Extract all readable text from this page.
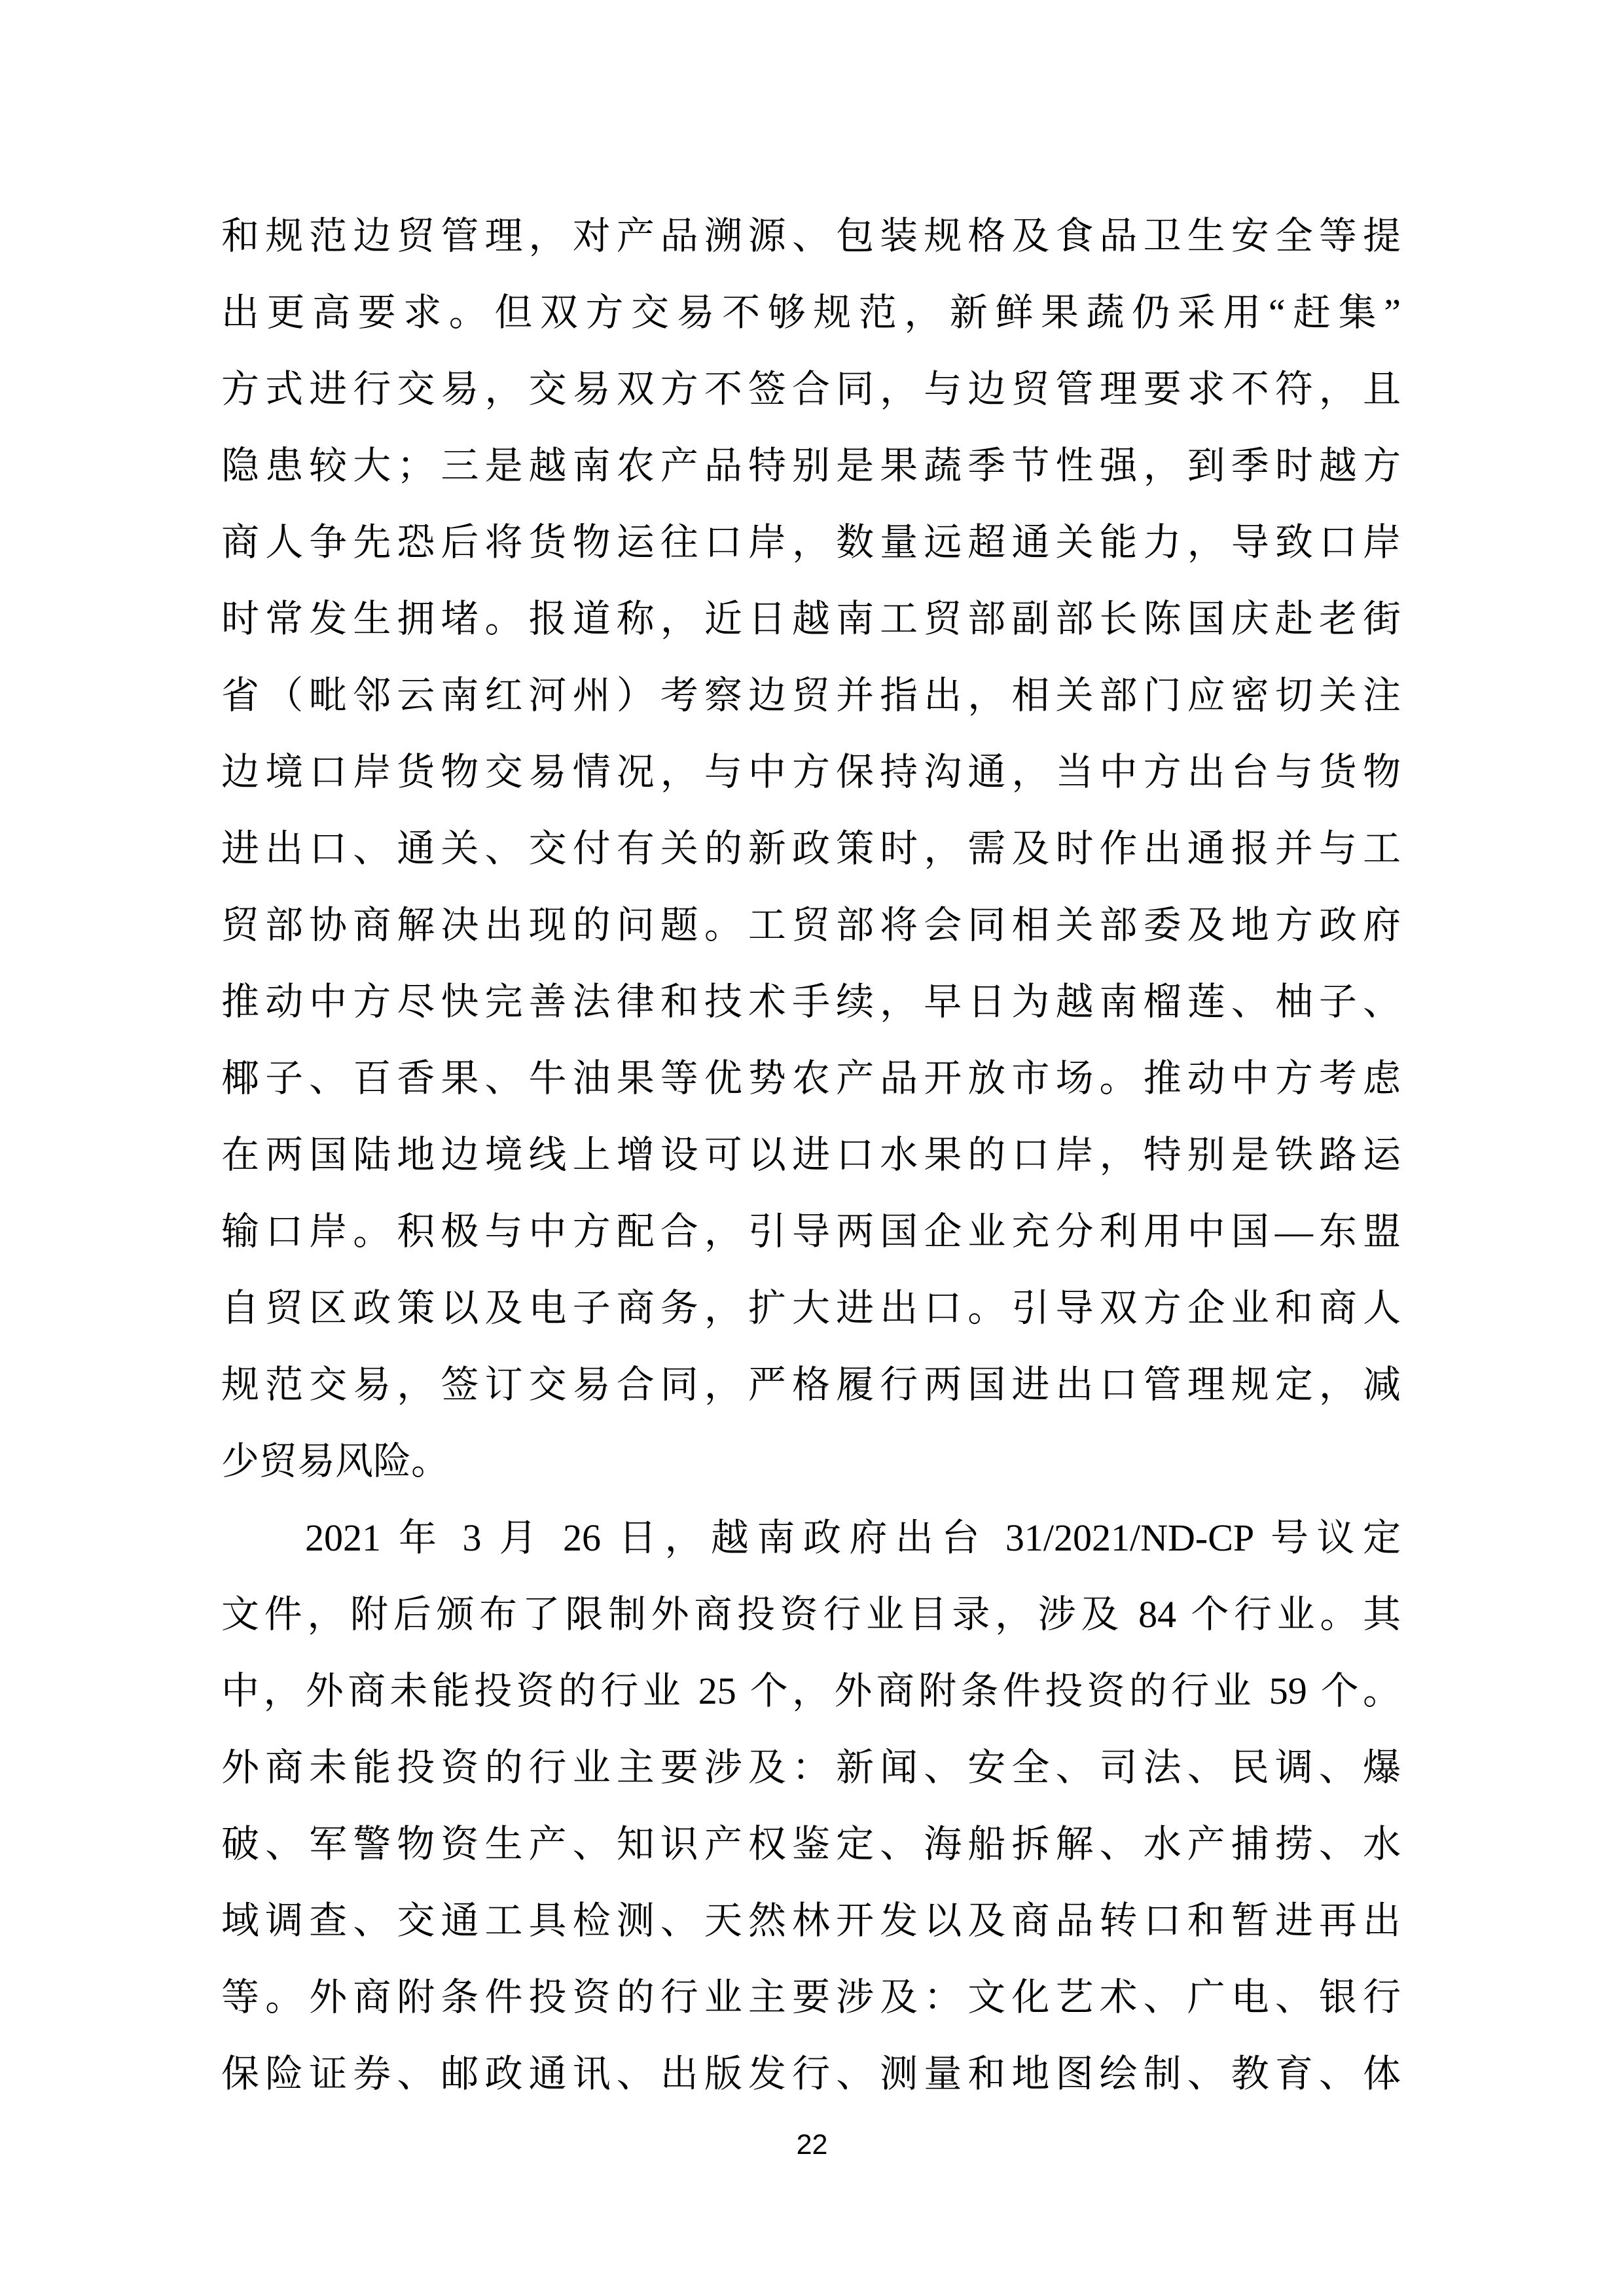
和规范边贸管理，对产品溯源、包装规格及食品卫生安全等提
出更高要求。但双方交易不够规范，新鲜果蔬仍采用“赶集”
方式进行交易，交易双方不签合同，与边贸管理要求不符，且
隐患较大；三是越南农产品特别是果蔬季节性强，到季时越方
商人争先恐后将货物运往口岸，数量远超通关能力，导致口岸
时常发生拥堵。报道称，近日越南工贸部副部长陈国庆赴老街
省（毗邻云南红河州）考察边贸并指出，相关部门应密切关注
边境口岸货物交易情况，与中方保持沟通，当中方出台与货物
进出口、通关、交付有关的新政策时，需及时作出通报并与工
贸部协商解决出现的问题。工贸部将会同相关部委及地方政府
推动中方尽快完善法律和技术手续，早日为越南榴莲、柚子、
椰子、百香果、牛油果等优势农产品开放市场。推动中方考虑
在两国陆地边境线上增设可以进口水果的口岸，特别是铁路运
输口岸。积极与中方配合，引导两国企业充分利用中国—东盟
自贸区政策以及电子商务，扩大进出口。引导双方企业和商人
规范交易，签订交易合同，严格履行两国进出口管理规定，减
少贸易风险。
2021 年 3 月 26 日，越南政府出台 31/2021/ND-CP 号议定
文件，附后颁布了限制外商投资行业目录，涉及 84 个行业。其
中，外商未能投资的行业 25 个，外商附条件投资的行业 59 个。
外商未能投资的行业主要涉及：新闻、安全、司法、民调、爆
破、军警物资生产、知识产权鉴定、海船拆解、水产捕捞、水
域调查、交通工具检测、天然林开发以及商品转口和暂进再出
等。外商附条件投资的行业主要涉及：文化艺术、广电、银行
保险证券、邮政通讯、出版发行、测量和地图绘制、教育、体
22
